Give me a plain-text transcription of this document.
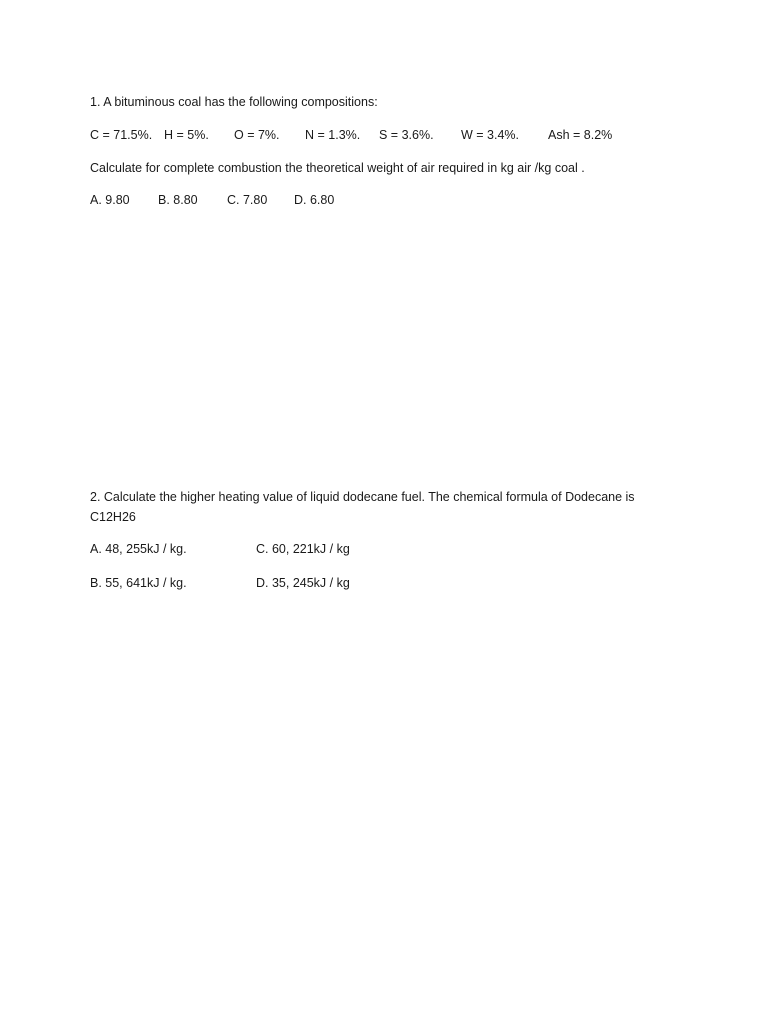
1. A bituminous coal has the following compositions:
C = 71.5%. H = 5%. O = 7%. N = 1.3%. S = 3.6%. W = 3.4%. Ash = 8.2%
Calculate for complete combustion the theoretical weight of air required in kg air /kg coal .
A. 9.80 B. 8.80 C. 7.80 D. 6.80
2. Calculate the higher heating value of liquid dodecane fuel. The chemical formula of Dodecane is C12H26
A. 48, 255kJ / kg.	C. 60, 221kJ / kg
B. 55, 641kJ / kg.	D. 35, 245kJ / kg
